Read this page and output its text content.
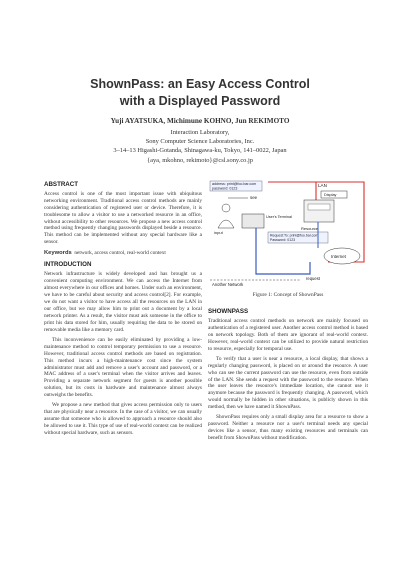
ShownPass: an Easy Access Control
with a Displayed Password
Yuji AYATSUKA, Michimune KOHNO, Jun REKIMOTO
Interaction Laboratory,
Sony Computer Science Laboratories, Inc.
3–14–13 Higashi-Gotanda, Shinagawa-ku, Tokyo, 141–0022, Japan
{aya, mkohno, rekimoto}@csl.sony.co.jp
ABSTRACT

Access control is one of the most important issue with ubiquitous networking environment. Traditional access control methods are mainly considering authentication of registered user or device. Therefore, it is troublesome to allow a visitor to use a networked resource in an office, without accessibility to other resources. We propose a new access control method using frequently changing passwords displayed beside a resource. This method can be implemented without any special hardware like a sensor.

Keywords network, access control, real-world context
INTRODUCTION

Network infrastructure is widely developed and has brought us a convenient computing environment. We can access the Internet from almost everywhere in our offices and homes. Under such an environment, we have to be careful about security and access control[2]. For example, we do not want a visitor to have access all the resources on the LAN in our office, but we may allow him to print out a document by a local network printer. As a result, the visitor must ask someone in the office to print his data stored for him, usually requiring the data to be stored on removable media like a memory card.

This inconvenience can be easily eliminated by providing a low-maintenance method to control temporary permission to use a resource. However, traditional access control methods are based on registration. This method incurs a high-maintenance cost since the system administrator must add and remove a user's account and password, or a MAC address of a user's terminal when the visitor arrives and leaves. Providing a separate network segment for guests is another possible solution, but its costs in hardware and maintenance almost always outweighs the benefits.

We propose a new method that gives access permission only to users that are physically near a resource. In the case of a visitor, we can usually assume that someone who is allowed to approach a resource should also be allowed to use it. This type of use of real-world context can be realized without special hardware, such as sensors.

LAN
address: print@foo.bar.com
password: 0123
Display
Resource
see
input
User's Terminal
Request:To: print@foo.bar.com
Password: 0123
request
Internet
Another Network
Figure 1: Concept of ShownPass
SHOWNPASS

Traditional access control methods on network are mainly focused on authentication of a registered user. Another access control method is based on network topology. Both of them are ignorant of real-world context. However, real-world context can be utilized to provide natural restriction to resource, especially for temporal use.

To verify that a user is near a resource, a local display, that shows a regularly changing password, is placed on or around the resource. A user who can see the current password can use the resource, even from outside of the LAN. She sends a request with the password to the resource. When the user leaves the resource's immediate location, she cannot use it anymore because the password is frequently changing. A password, which would normally be hidden in other situations, is publicly shown in this method, then we have named it ShownPass.

ShownPass requires only a small display area for a resource to show a password. Neither a resource nor a user's terminal needs any special devices like a sensor, thus many existing resources and terminals can benefit from ShownPass without modification.
